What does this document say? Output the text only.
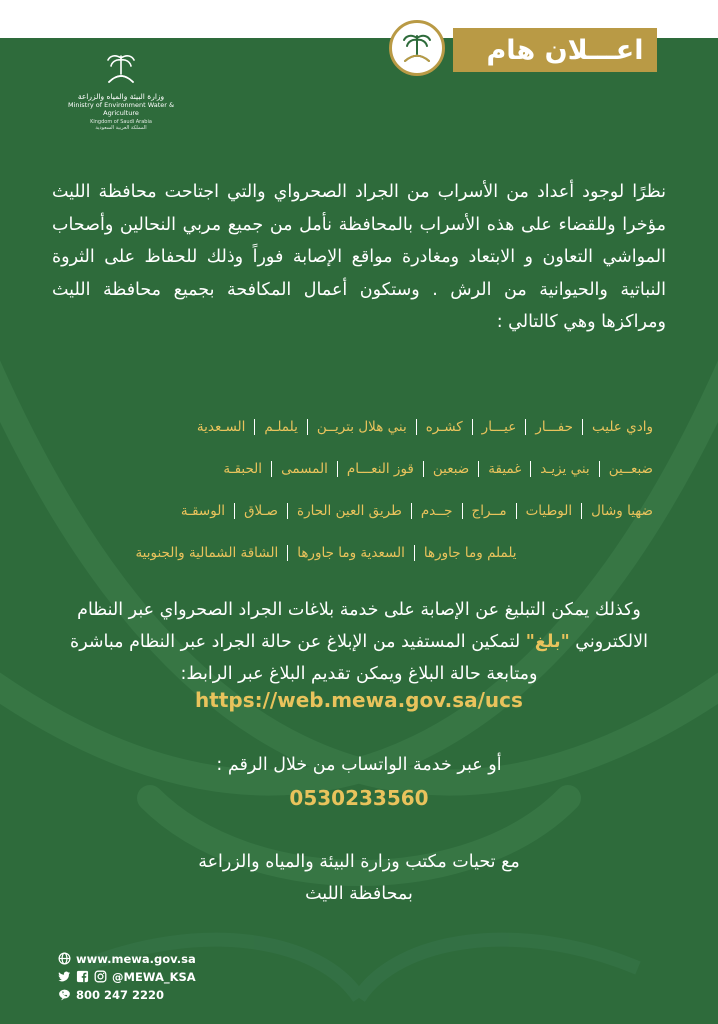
اعـــلان هام
وزارة البيئة والمياه والزراعة
Ministry of Environment Water & Agriculture
Kingdom of Saudi Arabia
المملكة العربية السعودية

نظرًا لوجود أعداد من الأسراب من الجراد الصحرواي والتي اجتاحت محافظة الليث مؤخرا وللقضاء على هذه الأسراب بالمحافظة نأمل من جميع مربي النحالين وأصحاب المواشي التعاون و الابتعاد ومغادرة مواقع الإصابة فوراً وذلك للحفاظ على الثروة النباتية والحيوانية من الرش . وستكون أعمال المكافحة بجميع محافظة الليث ومراكزها وهي كالتالي :

وادي عليب
حفـــار
عيـــار
كشـره
بني هلال بتريــن
يلملـم
السـعدية
ضبعــين
بني يزيـد
غميقة
ضبعين
قوز النعـــام
المسمى
الحبقـة
ضهيا وشال
الوطيات
مــراج
جــدم
طريق العين الحارة
صـلاق
الوسقـة
يلملم وما جاورها
السعدية وما جاورها
الشاقة الشمالية والجنوبية

وكذلك يمكن التبليغ عن الإصابة على خدمة بلاغات الجراد الصحرواي عبر النظام الالكتروني "بلغ" لتمكين المستفيد من الإبلاغ عن حالة الجراد عبر النظام مباشرة ومتابعة حالة البلاغ ويمكن تقديم البلاغ عبر الرابط:

https://web.mewa.gov.sa/ucs
أو عبر خدمة الواتساب من خلال الرقم :
0530233560
مع تحيات مكتب وزارة البيئة والمياه والزراعة
بمحافظة الليث
www.mewa.gov.sa
@MEWA_KSA
800 247 2220
